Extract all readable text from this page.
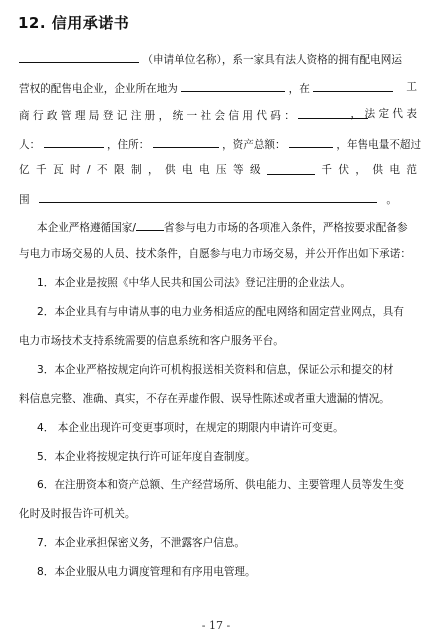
12. 信用承诺书
（申请单位名称），系一家具有法人资格的拥有配电网运
营权的配售电企业，企业所在地为	，在	工
商 行 政 管 理 局 登 记 注 册 ， 统 一 社 会 信 用 代 码 ：	， 法 定 代 表
人：	，住所：	，资产总额：	，年售电量不超过
亿 千 瓦 时 / 不 限 制 ， 供 电 电 压 等 级	千 伏 ， 供 电 范
围	。
本企业严格遵循国家/	省参与电力市场的各项准入条件，严格按要求配备参
与电力市场交易的人员、技术条件，自愿参与电力市场交易，并公开作出如下承诺：
1．本企业是按照《中华人民共和国公司法》登记注册的企业法人。
2．本企业具有与申请从事的电力业务相适应的配电网络和固定营业网点，具有
电力市场技术支持系统需要的信息系统和客户服务平台。
3．本企业严格按规定向许可机构报送相关资料和信息，保证公示和提交的材
料信息完整、准确、真实，不存在弄虚作假、误导性陈述或者重大遗漏的情况。
4． 本企业出现许可变更事项时，在规定的期限内申请许可变更。
5．本企业将按规定执行许可证年度自查制度。
6．在注册资本和资产总额、生产经营场所、供电能力、主要管理人员等发生变
化时及时报告许可机关。
7．本企业承担保密义务，不泄露客户信息。
8．本企业服从电力调度管理和有序用电管理。
- 17 -
